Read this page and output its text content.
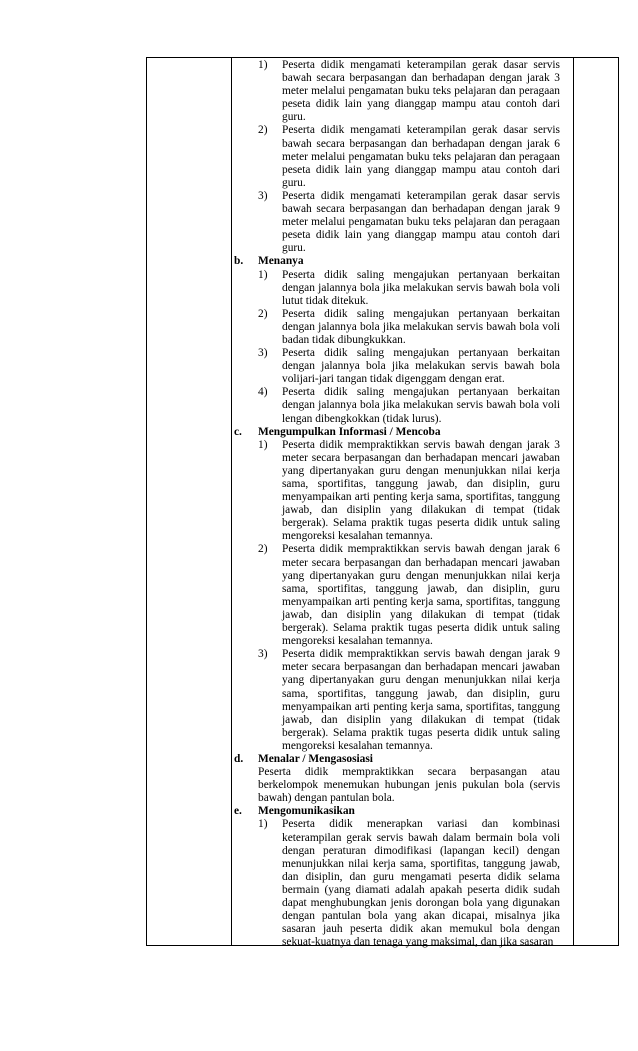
1)	Peserta didik mengamati keterampilan gerak dasar servis bawah secara berpasangan dan berhadapan dengan jarak 3 meter melalui pengamatan buku teks pelajaran dan peragaan peseta didik lain yang dianggap mampu atau contoh dari guru.
2)	Peserta didik mengamati keterampilan gerak dasar servis bawah secara berpasangan dan berhadapan dengan jarak 6 meter melalui pengamatan buku teks pelajaran dan peragaan peseta didik lain yang dianggap mampu atau contoh dari guru.
3)	Peserta didik mengamati keterampilan gerak dasar servis bawah secara berpasangan dan berhadapan dengan jarak 9 meter melalui pengamatan buku teks pelajaran dan peragaan peseta didik lain yang dianggap mampu atau contoh dari guru.
b.	Menanya
1)	Peserta didik saling mengajukan pertanyaan berkaitan dengan jalannya bola jika melakukan servis bawah bola voli lutut tidak ditekuk.
2)	Peserta didik saling mengajukan pertanyaan berkaitan dengan jalannya bola jika melakukan servis bawah bola voli badan tidak dibungkukkan.
3)	Peserta didik saling mengajukan pertanyaan berkaitan dengan jalannya bola jika melakukan servis bawah bola volijari-jari tangan tidak digenggam dengan erat.
4)	Peserta didik saling mengajukan pertanyaan berkaitan dengan jalannya bola jika melakukan servis bawah bola voli lengan dibengkokkan (tidak lurus).
c.	Mengumpulkan Informasi / Mencoba
1)	Peserta didik mempraktikkan servis bawah dengan jarak 3 meter secara berpasangan dan berhadapan mencari jawaban yang dipertanyakan guru dengan menunjukkan nilai kerja sama, sportifitas, tanggung jawab, dan disiplin, guru menyampaikan arti penting kerja sama, sportifitas, tanggung jawab, dan disiplin yang dilakukan di tempat (tidak bergerak). Selama praktik tugas peserta didik untuk saling mengoreksi kesalahan temannya.
2)	Peserta didik mempraktikkan servis bawah dengan jarak 6 meter secara berpasangan dan berhadapan mencari jawaban yang dipertanyakan guru dengan menunjukkan nilai kerja sama, sportifitas, tanggung jawab, dan disiplin, guru menyampaikan arti penting kerja sama, sportifitas, tanggung jawab, dan disiplin yang dilakukan di tempat (tidak bergerak). Selama praktik tugas peserta didik untuk saling mengoreksi kesalahan temannya.
3)	Peserta didik mempraktikkan servis bawah dengan jarak 9 meter secara berpasangan dan berhadapan mencari jawaban yang dipertanyakan guru dengan menunjukkan nilai kerja sama, sportifitas, tanggung jawab, dan disiplin, guru menyampaikan arti penting kerja sama, sportifitas, tanggung jawab, dan disiplin yang dilakukan di tempat (tidak bergerak). Selama praktik tugas peserta didik untuk saling mengoreksi kesalahan temannya.
d.	Menalar / Mengasosiasi
Peserta didik mempraktikkan secara berpasangan atau berkelompok menemukan hubungan jenis pukulan bola (servis bawah) dengan pantulan bola.
e.	Mengomunikasikan
1)	Peserta didik menerapkan variasi dan kombinasi keterampilan gerak servis bawah dalam bermain bola voli dengan peraturan dimodifikasi (lapangan kecil) dengan menunjukkan nilai kerja sama, sportifitas, tanggung jawab, dan disiplin, dan guru mengamati peserta didik selama bermain (yang diamati adalah apakah peserta didik sudah dapat menghubungkan jenis dorongan bola yang digunakan dengan pantulan bola yang akan dicapai, misalnya jika sasaran jauh peserta didik akan memukul bola dengan sekuat-kuatnya dan tenaga yang maksimal, dan jika sasaran
